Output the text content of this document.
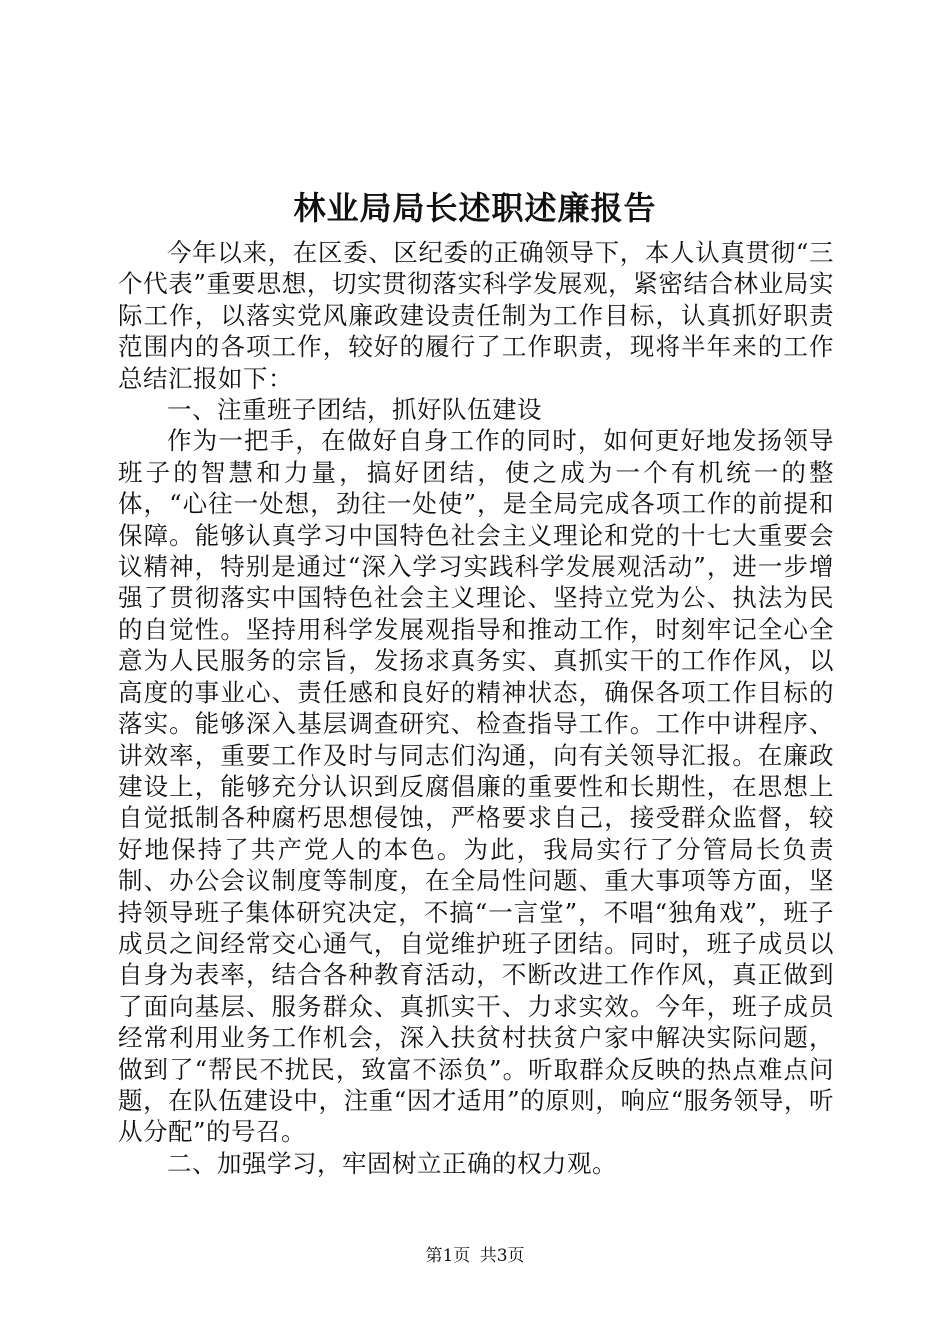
林业局局长述职述廉报告

今年以来，在区委、区纪委的正确领导下，本人认真贯彻“三个代表”重要思想，切实贯彻落实科学发展观，紧密结合林业局实际工作，以落实党风廉政建设责任制为工作目标，认真抓好职责范围内的各项工作，较好的履行了工作职责，现将半年来的工作总结汇报如下：

一、注重班子团结，抓好队伍建设

作为一把手，在做好自身工作的同时，如何更好地发扬领导班子的智慧和力量，搞好团结，使之成为一个有机统一的整体，“心往一处想，劲往一处使”，是全局完成各项工作的前提和保障。能够认真学习中国特色社会主义理论和党的十七大重要会议精神，特别是通过“深入学习实践科学发展观活动”，进一步增强了贯彻落实中国特色社会主义理论、坚持立党为公、执法为民的自觉性。坚持用科学发展观指导和推动工作，时刻牢记全心全意为人民服务的宗旨，发扬求真务实、真抓实干的工作作风，以高度的事业心、责任感和良好的精神状态，确保各项工作目标的落实。能够深入基层调查研究、检查指导工作。工作中讲程序、讲效率，重要工作及时与同志们沟通，向有关领导汇报。在廉政建设上，能够充分认识到反腐倡廉的重要性和长期性，在思想上自觉抵制各种腐朽思想侵蚀，严格要求自己，接受群众监督，较好地保持了共产党人的本色。为此，我局实行了分管局长负责制、办公会议制度等制度，在全局性问题、重大事项等方面，坚持领导班子集体研究决定，不搞“一言堂”，不唱“独角戏”，班子成员之间经常交心通气，自觉维护班子团结。同时，班子成员以自身为表率，结合各种教育活动，不断改进工作作风，真正做到了面向基层、服务群众、真抓实干、力求实效。今年，班子成员经常利用业务工作机会，深入扶贫村扶贫户家中解决实际问题，做到了“帮民不扰民，致富不添负”。听取群众反映的热点难点问题，在队伍建设中，注重“因才适用”的原则，响应“服务领导，听从分配”的号召。

二、加强学习，牢固树立正确的权力观。

第1页 共3页
